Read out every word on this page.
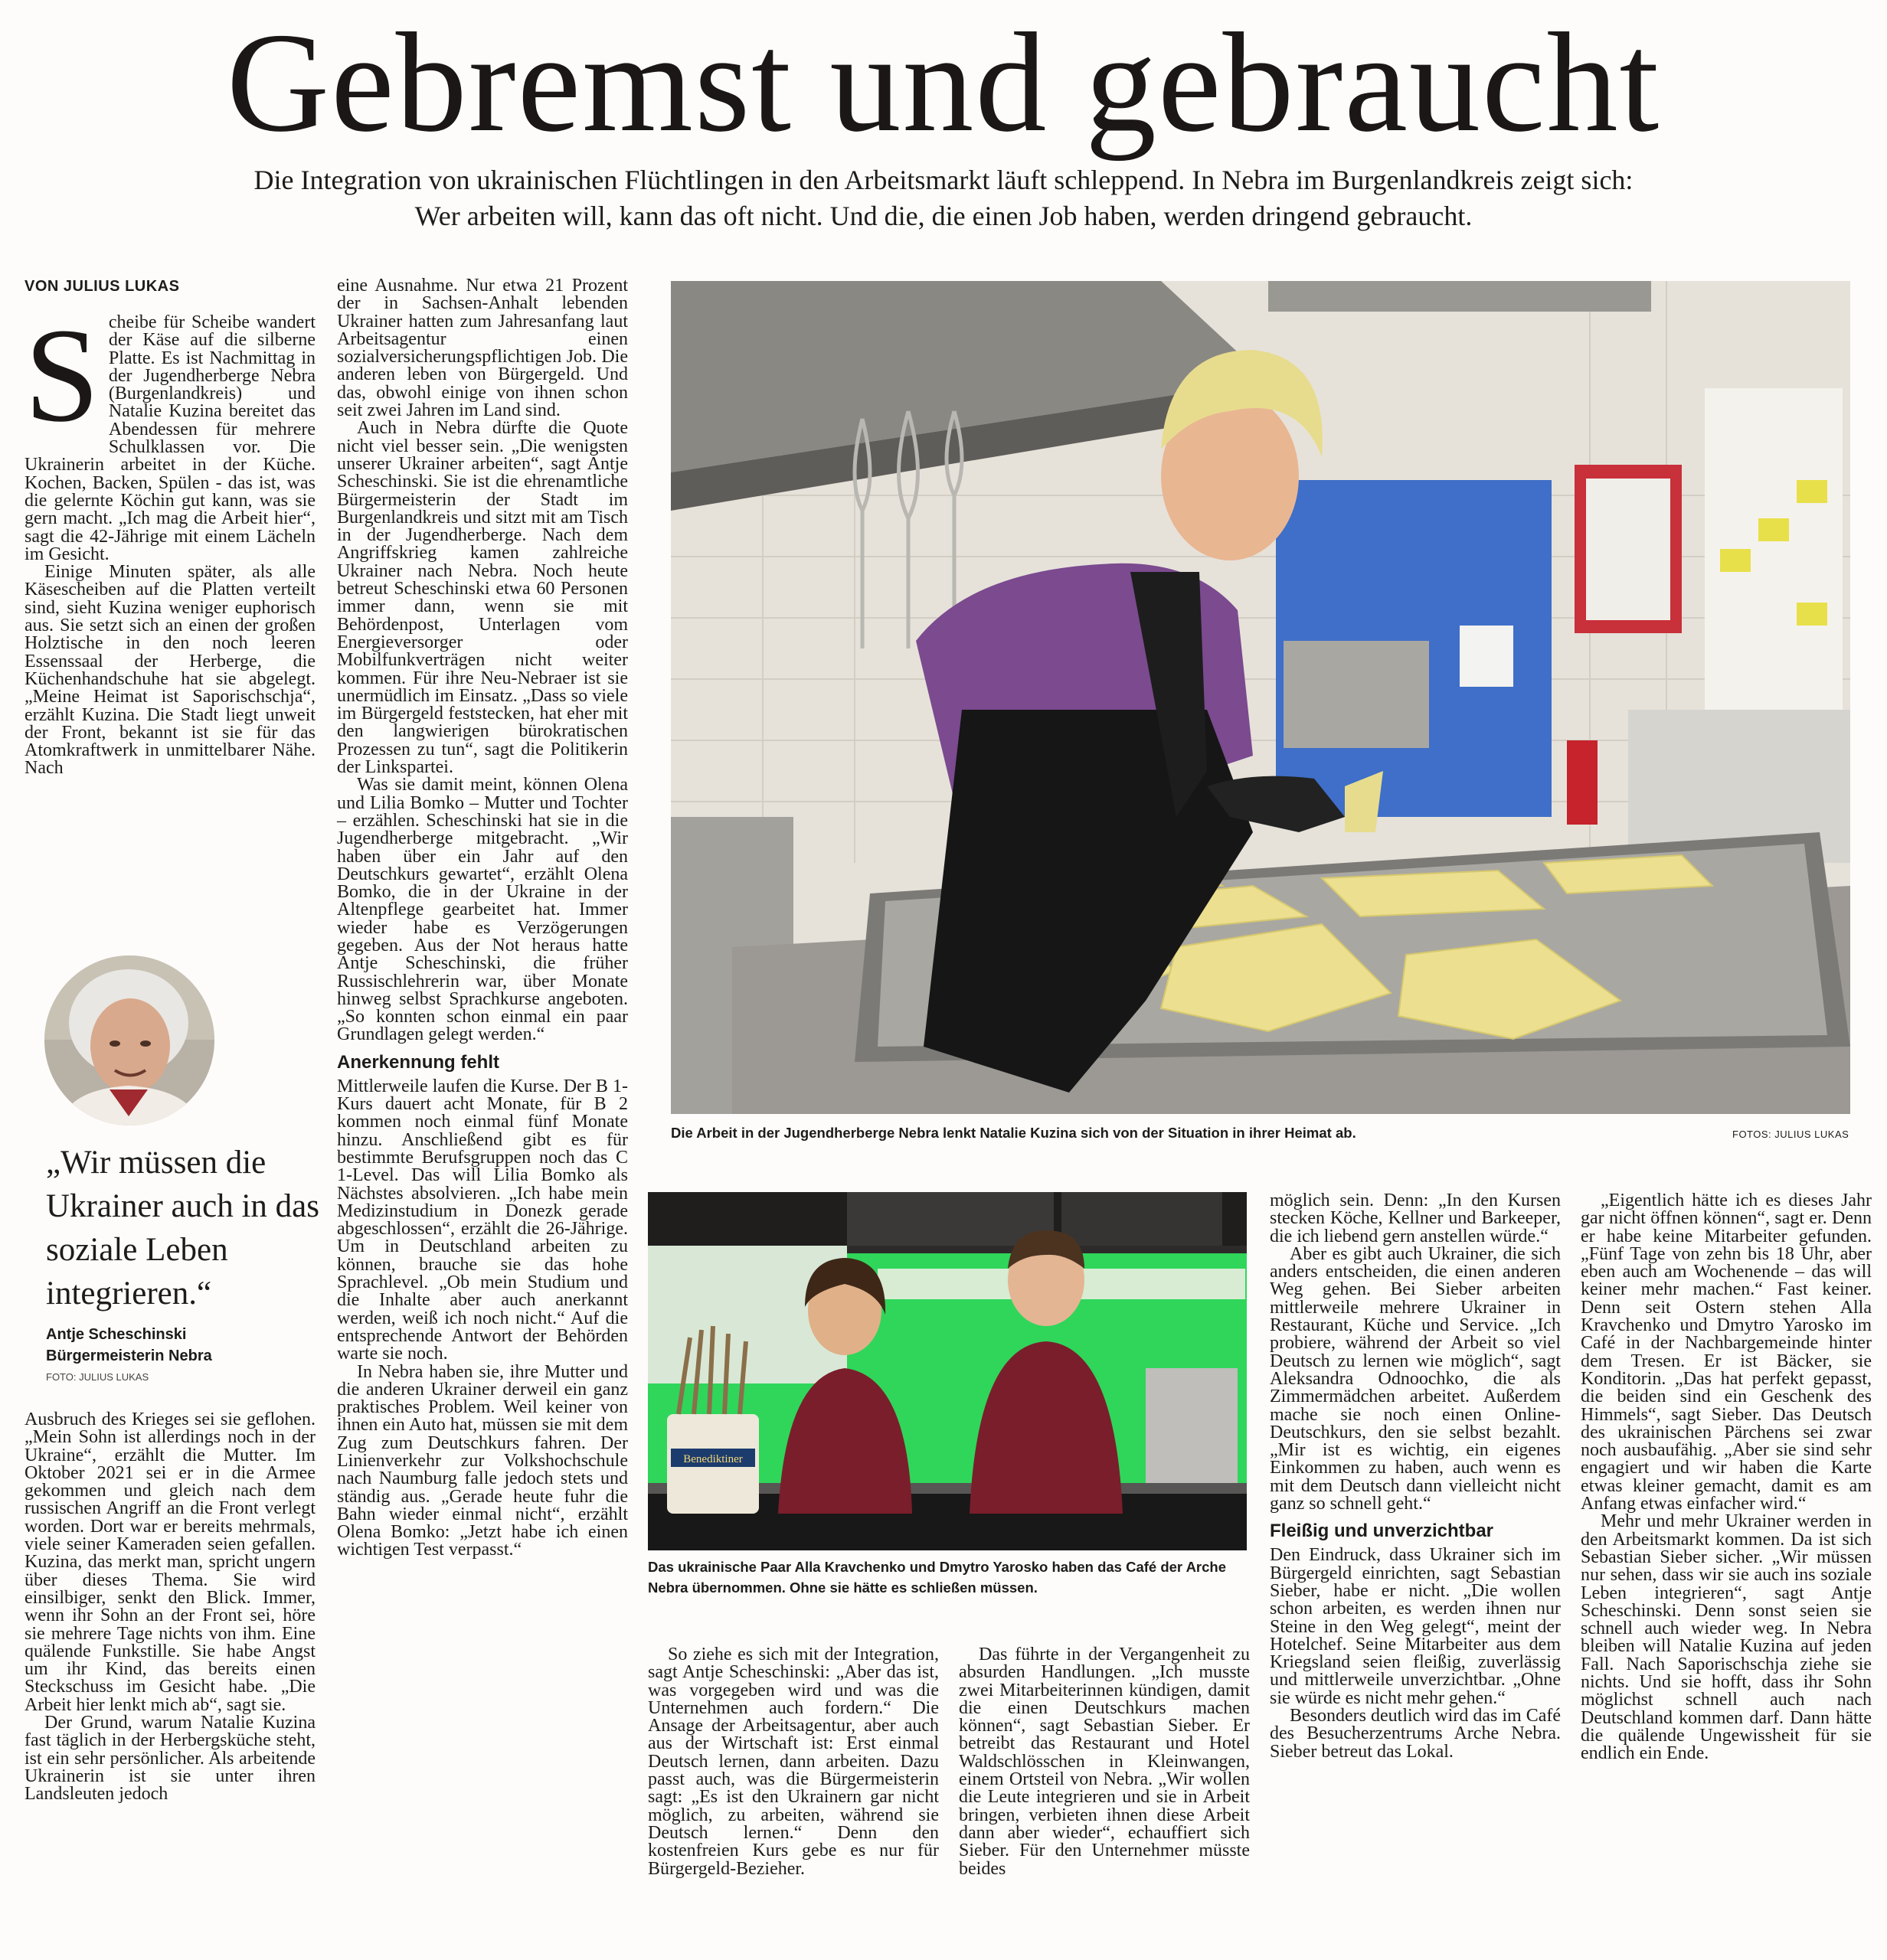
Gebremst und gebraucht
Die Integration von ukrainischen Flüchtlingen in den Arbeitsmarkt läuft schleppend. In Nebra im Burgenlandkreis zeigt sich:
Wer arbeiten will, kann das oft nicht. Und die, die einen Job haben, werden dringend gebraucht.
VON JULIUS LUKAS

Scheibe für Scheibe wandert der Käse auf die silberne Platte. Es ist Nachmittag in der Jugendherberge Nebra (Burgenlandkreis) und Natalie Kuzina bereitet das Abendessen für mehrere Schulklassen vor. Die Ukrainerin arbeitet in der Küche. Kochen, Backen, Spülen - das ist, was die gelernte Köchin gut kann, was sie gern macht. „Ich mag die Arbeit hier“, sagt die 42-Jährige mit einem Lächeln im Gesicht.

Einige Minuten später, als alle Käsescheiben auf die Platten verteilt sind, sieht Kuzina weniger euphorisch aus. Sie setzt sich an einen der großen Holztische in den noch leeren Essenssaal der Herberge, die Küchenhandschuhe hat sie abgelegt. „Meine Heimat ist Saporischschja“, erzählt Kuzina. Die Stadt liegt unweit der Front, bekannt ist sie für das Atomkraftwerk in unmittelbarer Nähe. Nach

„Wir müssen die Ukrainer auch in das soziale Leben integrieren.“
Antje Scheschinski
Bürgermeisterin Nebra
FOTO: JULIUS LUKAS

Ausbruch des Krieges sei sie geflohen. „Mein Sohn ist allerdings noch in der Ukraine“, erzählt die Mutter. Im Oktober 2021 sei er in die Armee gekommen und gleich nach dem russischen Angriff an die Front verlegt worden. Dort war er bereits mehrmals, viele seiner Kameraden seien gefallen. Kuzina, das merkt man, spricht ungern über dieses Thema. Sie wird einsilbiger, senkt den Blick. Immer, wenn ihr Sohn an der Front sei, höre sie mehrere Tage nichts von ihm. Eine quälende Funkstille. Sie habe Angst um ihr Kind, das bereits einen Steckschuss im Gesicht habe. „Die Arbeit hier lenkt mich ab“, sagt sie.

Der Grund, warum Natalie Kuzina fast täglich in der Herbergsküche steht, ist ein sehr persönlicher. Als arbeitende Ukrainerin ist sie unter ihren Landsleuten jedoch

eine Ausnahme. Nur etwa 21 Prozent der in Sachsen-Anhalt lebenden Ukrainer hatten zum Jahresanfang laut Arbeitsagentur einen sozialversicherungspflichtigen Job. Die anderen leben von Bürgergeld. Und das, obwohl einige von ihnen schon seit zwei Jahren im Land sind.

Auch in Nebra dürfte die Quote nicht viel besser sein. „Die wenigsten unserer Ukrainer arbeiten“, sagt Antje Scheschinski. Sie ist die ehrenamtliche Bürgermeisterin der Stadt im Burgenlandkreis und sitzt mit am Tisch in der Jugendherberge. Nach dem Angriffskrieg kamen zahlreiche Ukrainer nach Nebra. Noch heute betreut Scheschinski etwa 60 Personen immer dann, wenn sie mit Behördenpost, Unterlagen vom Energieversorger oder Mobilfunkverträgen nicht weiter kommen. Für ihre Neu-Nebraer ist sie unermüdlich im Einsatz. „Dass so viele im Bürgergeld feststecken, hat eher mit den langwierigen bürokratischen Prozessen zu tun“, sagt die Politikerin der Linkspartei.

Was sie damit meint, können Olena und Lilia Bomko – Mutter und Tochter – erzählen. Scheschinski hat sie in die Jugendherberge mitgebracht. „Wir haben über ein Jahr auf den Deutschkurs gewartet“, erzählt Olena Bomko, die in der Ukraine in der Altenpflege gearbeitet hat. Immer wieder habe es Verzögerungen gegeben. Aus der Not heraus hatte Antje Scheschinski, die früher Russischlehrerin war, über Monate hinweg selbst Sprachkurse angeboten. „So konnten schon einmal ein paar Grundlagen gelegt werden.“

Anerkennung fehlt

Mittlerweile laufen die Kurse. Der B 1-Kurs dauert acht Monate, für B 2 kommen noch einmal fünf Monate hinzu. Anschließend gibt es für bestimmte Berufsgruppen noch das C 1-Level. Das will Lilia Bomko als Nächstes absolvieren. „Ich habe mein Medizinstudium in Donezk gerade abgeschlossen“, erzählt die 26-Jährige. Um in Deutschland arbeiten zu können, brauche sie das hohe Sprachlevel. „Ob mein Studium und die Inhalte aber auch anerkannt werden, weiß ich noch nicht.“ Auf die entsprechende Antwort der Behörden warte sie noch.

In Nebra haben sie, ihre Mutter und die anderen Ukrainer derweil ein ganz praktisches Problem. Weil keiner von ihnen ein Auto hat, müssen sie mit dem Zug zum Deutschkurs fahren. Der Linienverkehr zur Volkshochschule nach Naumburg falle jedoch stets und ständig aus. „Gerade heute fuhr die Bahn wieder einmal nicht“, erzählt Olena Bomko: „Jetzt habe ich einen wichtigen Test verpasst.“

Die Arbeit in der Jugendherberge Nebra lenkt Natalie Kuzina sich von der Situation in ihrer Heimat ab.	FOTOS: JULIUS LUKAS
Benediktiner
Das ukrainische Paar Alla Kravchenko und Dmytro Yarosko haben das Café der Arche Nebra übernommen. Ohne sie hätte es schließen müssen.

So ziehe es sich mit der Integration, sagt Antje Scheschinski: „Aber das ist, was vorgegeben wird und was die Unternehmen auch fordern.“ Die Ansage der Arbeitsagentur, aber auch aus der Wirtschaft ist: Erst einmal Deutsch lernen, dann arbeiten. Dazu passt auch, was die Bürgermeisterin sagt: „Es ist den Ukrainern gar nicht möglich, zu arbeiten, während sie Deutsch lernen.“ Denn den kostenfreien Kurs gebe es nur für Bürgergeld-Bezieher.

Das führte in der Vergangenheit zu absurden Handlungen. „Ich musste zwei Mitarbeiterinnen kündigen, damit die einen Deutschkurs machen können“, sagt Sebastian Sieber. Er betreibt das Restaurant und Hotel Waldschlösschen in Kleinwangen, einem Ortsteil von Nebra. „Wir wollen die Leute integrieren und sie in Arbeit bringen, verbieten ihnen diese Arbeit dann aber wieder“, echauffiert sich Sieber. Für den Unternehmer müsste beides

möglich sein. Denn: „In den Kursen stecken Köche, Kellner und Barkeeper, die ich liebend gern anstellen würde.“

Aber es gibt auch Ukrainer, die sich anders entscheiden, die einen anderen Weg gehen. Bei Sieber arbeiten mittlerweile mehrere Ukrainer in Restaurant, Küche und Service. „Ich probiere, während der Arbeit so viel Deutsch zu lernen wie möglich“, sagt Aleksandra Odnoochko, die als Zimmermädchen arbeitet. Außerdem mache sie noch einen Online-Deutschkurs, den sie selbst bezahlt. „Mir ist es wichtig, ein eigenes Einkommen zu haben, auch wenn es mit dem Deutsch dann vielleicht nicht ganz so schnell geht.“

Fleißig und unverzichtbar

Den Eindruck, dass Ukrainer sich im Bürgergeld einrichten, sagt Sebastian Sieber, habe er nicht. „Die wollen schon arbeiten, es werden ihnen nur Steine in den Weg gelegt“, meint der Hotelchef. Seine Mitarbeiter aus dem Kriegsland seien fleißig, zuverlässig und mittlerweile unverzichtbar. „Ohne sie würde es nicht mehr gehen.“

Besonders deutlich wird das im Café des Besucherzentrums Arche Nebra. Sieber betreut das Lokal.

„Eigentlich hätte ich es dieses Jahr gar nicht öffnen können“, sagt er. Denn er habe keine Mitarbeiter gefunden. „Fünf Tage von zehn bis 18 Uhr, aber eben auch am Wochenende – das will keiner mehr machen.“ Fast keiner. Denn seit Ostern stehen Alla Kravchenko und Dmytro Yarosko im Café in der Nachbargemeinde hinter dem Tresen. Er ist Bäcker, sie Konditorin. „Das hat perfekt gepasst, die beiden sind ein Geschenk des Himmels“, sagt Sieber. Das Deutsch des ukrainischen Pärchens sei zwar noch ausbaufähig. „Aber sie sind sehr engagiert und wir haben die Karte etwas kleiner gemacht, damit es am Anfang etwas einfacher wird.“

Mehr und mehr Ukrainer werden in den Arbeitsmarkt kommen. Da ist sich Sebastian Sieber sicher. „Wir müssen nur sehen, dass wir sie auch ins soziale Leben integrieren“, sagt Antje Scheschinski. Denn sonst seien sie schnell auch wieder weg. In Nebra bleiben will Natalie Kuzina auf jeden Fall. Nach Saporischschja ziehe sie nichts. Und sie hofft, dass ihr Sohn möglichst schnell auch nach Deutschland kommen darf. Dann hätte die quälende Ungewissheit für sie endlich ein Ende.
